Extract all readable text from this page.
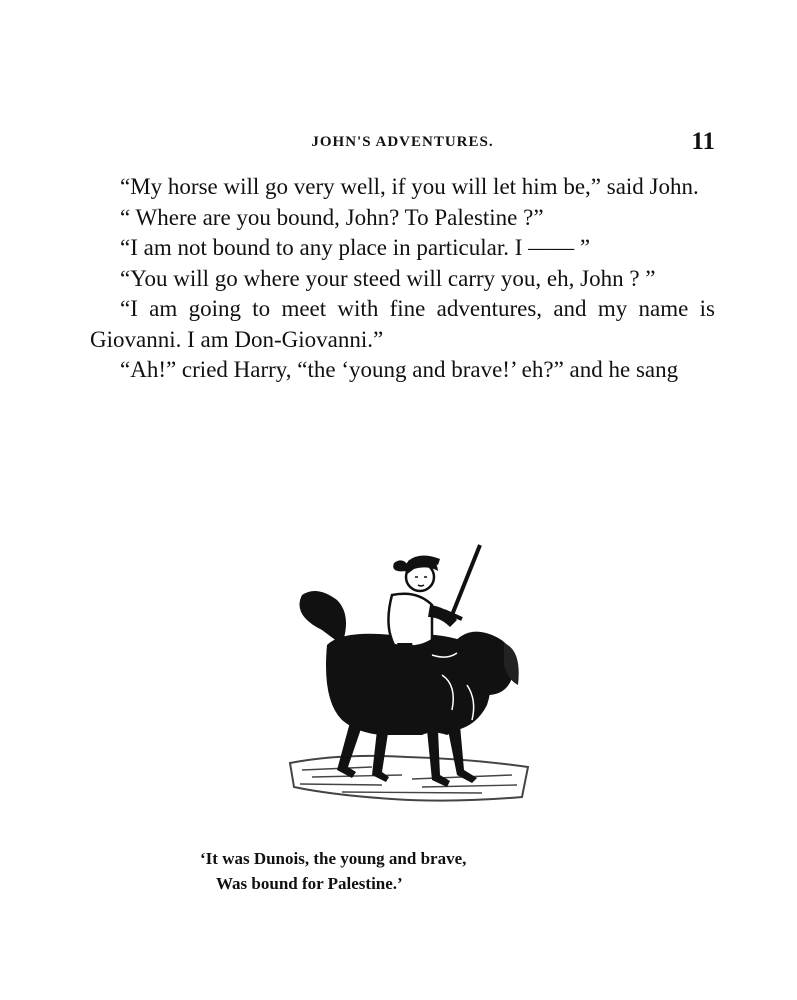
JOHN'S ADVENTURES.	11

“My horse will go very well, if you will let him be,” said John.

“ Where are you bound, John? To Palestine ?”

“I am not bound to any place in particular. I —— ”

“You will go where your steed will carry you, eh, John ? ”

“I am going to meet with fine adventures, and my name is Giovanni. I am Don-Giovanni.”

“Ah!” cried Harry, “the ‘young and brave!’ eh?” and he sang

‘It was Dunois, the young and brave,
Was bound for Palestine.’
